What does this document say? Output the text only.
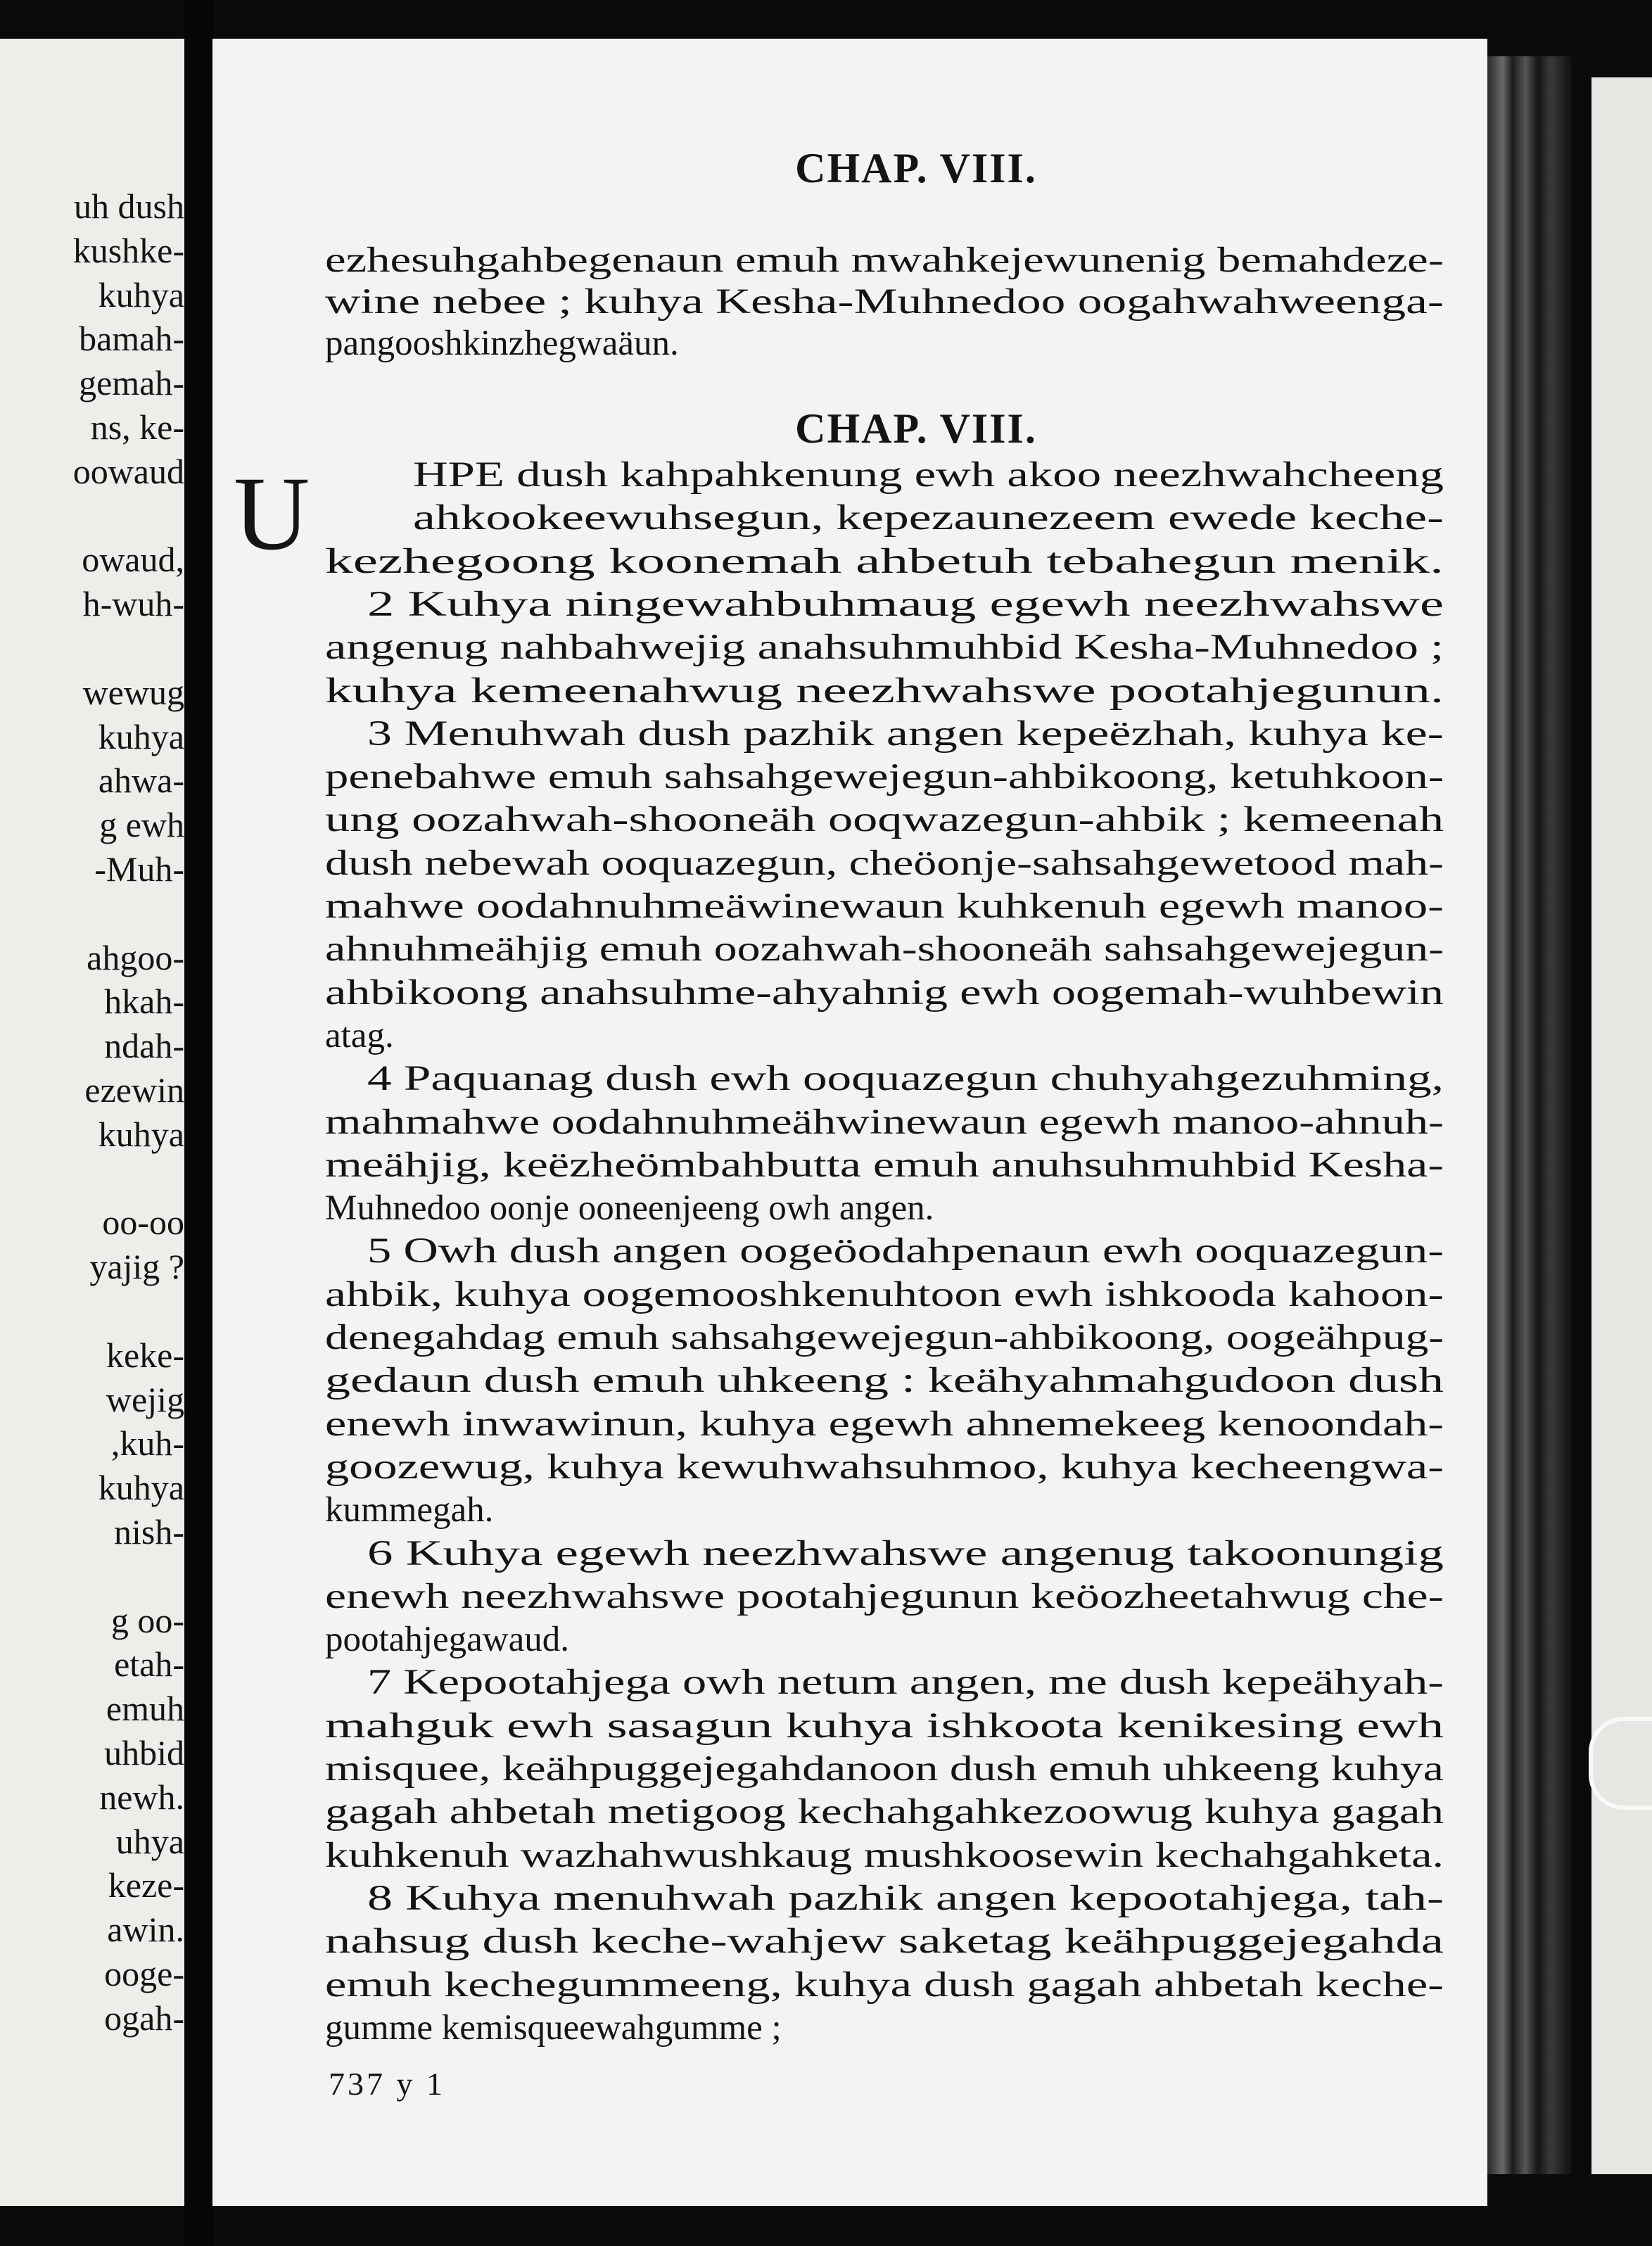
uh dush
kushke-
kuhya
bamah-
gemah-
ns, ke-
oowaud
owaud,
h-wuh-
wewug
kuhya
ahwa-
g ewh
-Muh-
ahgoo-
hkah-
ndah-
ezewin
kuhya
oo-oo
yajig ?
keke-
wejig
,kuh-
kuhya
nish-
g oo-
etah-
emuh
uhbid
newh.
uhya
keze-
awin.
ooge-
ogah-
CHAP. VIII.
ezhesuhgahbegenaun emuh mwahkejewunenig bemahdeze-
wine nebee ; kuhya Kesha-Muhnedoo oogahwahweenga-
pangooshkinzhegwaäun.
HPE dush kahpahkenung ewh akoo neezhwahcheeng
ahkookeewuhsegun, kepezaunezeem ewede keche-
kezhegoong koonemah ahbetuh tebahegun menik.
2 Kuhya ningewahbuhmaug egewh neezhwahswe
angenug nahbahwejig anahsuhmuhbid Kesha-Muhnedoo ;
kuhya kemeenahwug neezhwahswe pootahjegunun.
3 Menuhwah dush pazhik angen kepeëzhah, kuhya ke-
penebahwe emuh sahsahgewejegun-ahbikoong, ketuhkoon-
ung oozahwah-shooneäh ooqwazegun-ahbik ; kemeenah
dush nebewah ooquazegun, cheöonje-sahsahgewetood mah-
mahwe oodahnuhmeäwinewaun kuhkenuh egewh manoo-
ahnuhmeähjig emuh oozahwah-shooneäh sahsahgewejegun-
ahbikoong anahsuhme-ahyahnig ewh oogemah-wuhbewin
atag.
4 Paquanag dush ewh ooquazegun chuhyahgezuhming,
mahmahwe oodahnuhmeähwinewaun egewh manoo-ahnuh-
meähjig, keëzheömbahbutta emuh anuhsuhmuhbid Kesha-
Muhnedoo oonje ooneenjeeng owh angen.
5 Owh dush angen oogeöodahpenaun ewh ooquazegun-
ahbik, kuhya oogemooshkenuhtoon ewh ishkooda kahoon-
denegahdag emuh sahsahgewejegun-ahbikoong, oogeähpug-
gedaun dush emuh uhkeeng : keähyahmahgudoon dush
enewh inwawinun, kuhya egewh ahnemekeeg kenoondah-
goozewug, kuhya kewuhwahsuhmoo, kuhya kecheengwa-
kummegah.
6 Kuhya egewh neezhwahswe angenug takoonungig
enewh neezhwahswe pootahjegunun keöozheetahwug che-
pootahjegawaud.
7 Kepootahjega owh netum angen, me dush kepeähyah-
mahguk ewh sasagun kuhya ishkoota kenikesing ewh
misquee, keähpuggejegahdanoon dush emuh uhkeeng kuhya
gagah ahbetah metigoog kechahgahkezoowug kuhya gagah
kuhkenuh wazhahwushkaug mushkoosewin kechahgahketa.
8 Kuhya menuhwah pazhik angen kepootahjega, tah-
nahsug dush keche-wahjew saketag keähpuggejegahda
emuh kechegummeeng, kuhya dush gagah ahbetah keche-
gumme kemisqueewahgumme ;
CHAP. VIII.
U
737 y 1
